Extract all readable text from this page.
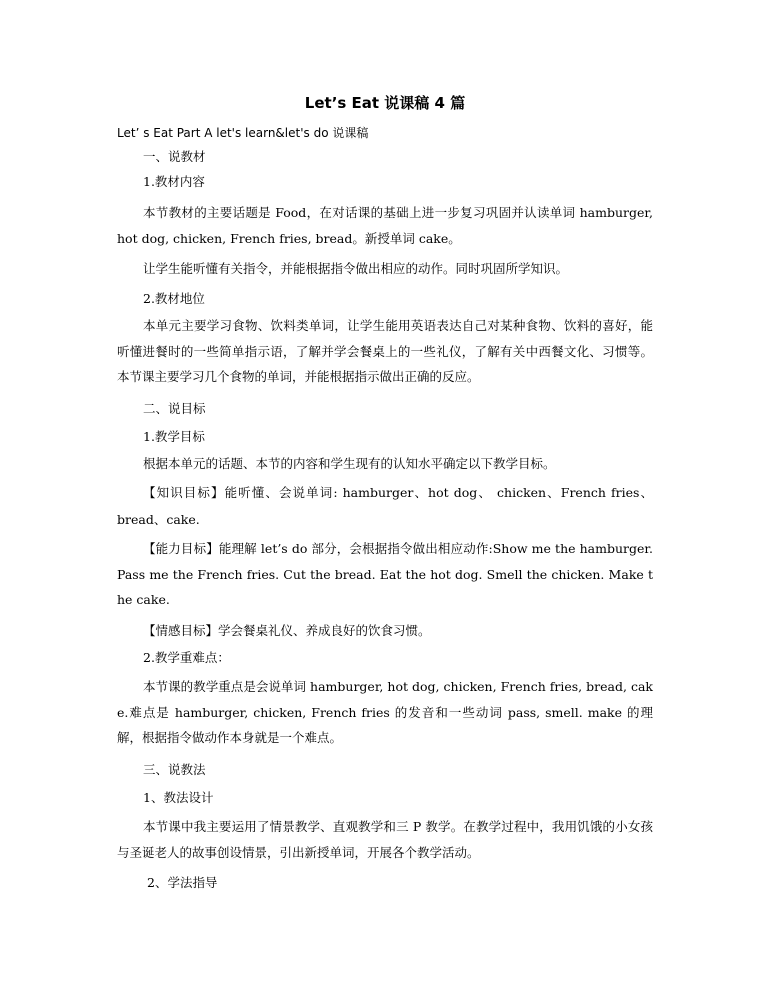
Let’s Eat 说课稿 4 篇
Let’ s Eat Part A let's learn&let's do 说课稿

一、说教材

1.教材内容

本节教材的主要话题是 Food，在对话课的基础上进一步复习巩固并认读单词 hamburger, hot dog, chicken, French fries, bread。新授单词 cake。

让学生能听懂有关指令，并能根据指令做出相应的动作。同时巩固所学知识。

2.教材地位

本单元主要学习食物、饮料类单词，让学生能用英语表达自己对某种食物、饮料的喜好，能听懂进餐时的一些简单指示语，了解并学会餐桌上的一些礼仪，了解有关中西餐文化、习惯等。本节课主要学习几个食物的单词，并能根据指示做出正确的反应。

二、说目标

1.教学目标

根据本单元的话题、本节的内容和学生现有的认知水平确定以下教学目标。

【知识目标】能听懂、会说单词: hamburger、hot dog、 chicken、French fries、

bread、cake.

【能力目标】能理解 let’s do 部分，会根据指令做出相应动作:Show me the hamburger. Pass me the French fries. Cut the bread. Eat the hot dog. Smell the chicken. Make the cake.

【情感目标】学会餐桌礼仪、养成良好的饮食习惯。

2.教学重难点：

本节课的教学重点是会说单词 hamburger, hot dog, chicken, French fries, bread, cake.难点是 hamburger, chicken, French fries 的发音和一些动词 pass, smell. make 的理解，根据指令做动作本身就是一个难点。

三、说教法

1、教法设计

本节课中我主要运用了情景教学、直观教学和三 P 教学。在教学过程中，我用饥饿的小女孩与圣诞老人的故事创设情景，引出新授单词，开展各个教学活动。

2、学法指导
